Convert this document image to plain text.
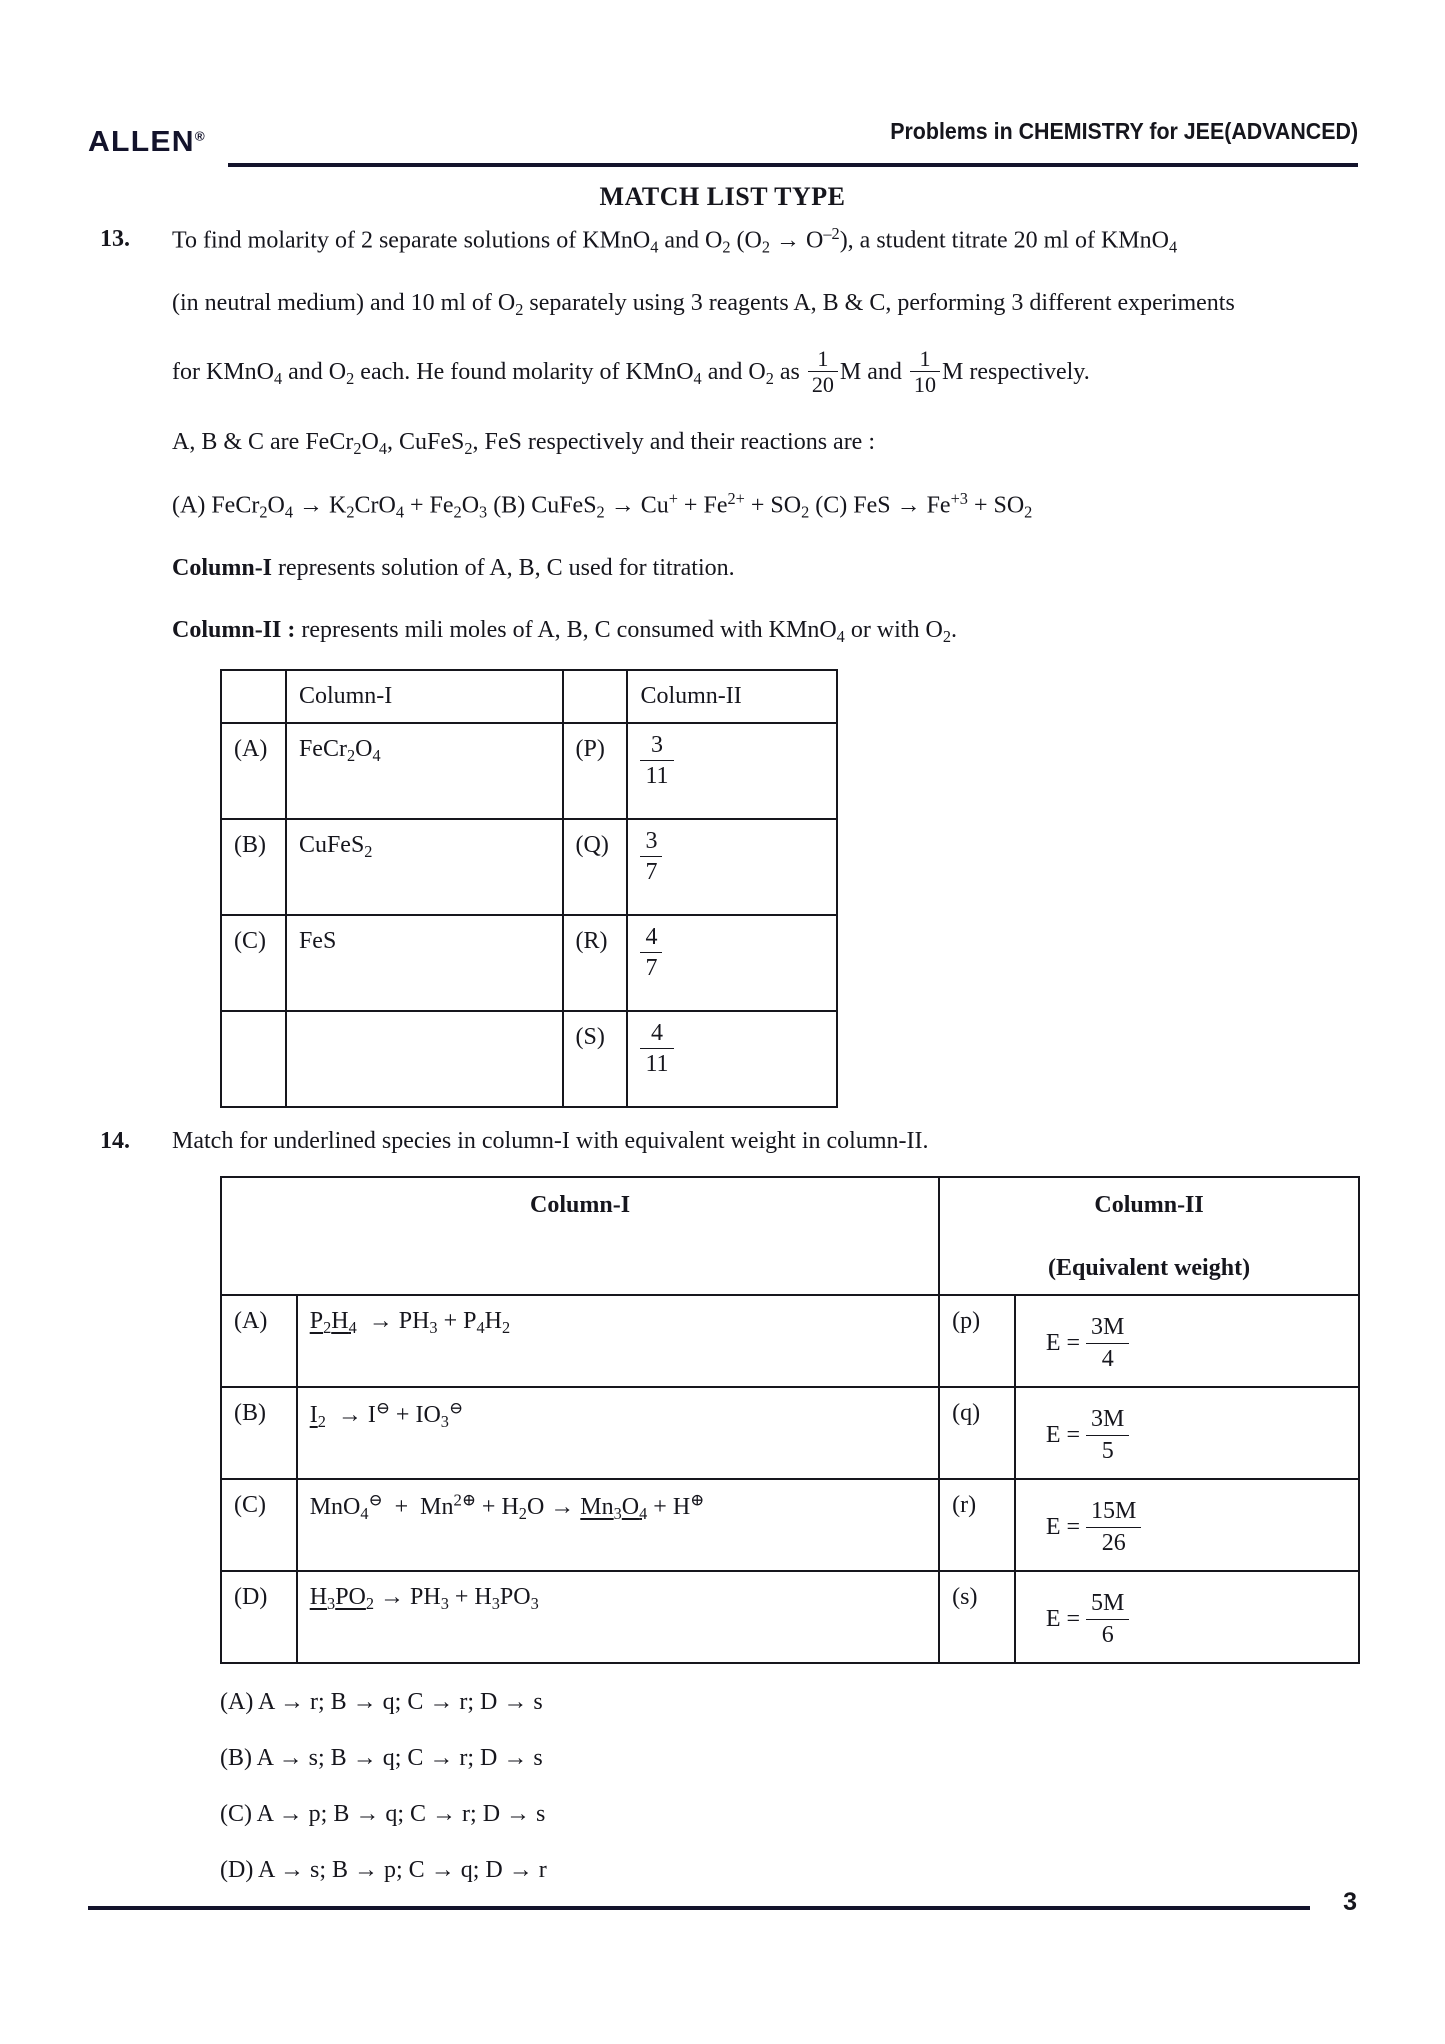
ALLEN®	Problems in CHEMISTRY for JEE(ADVANCED)
MATCH LIST TYPE
13.	To find molarity of 2 separate solutions of KMnO$_4$ and $O_2$ $(O_2 \to O^{-2})$, a student titrate 20 ml of KMnO$_4$
(in neutral medium) and 10 ml of $O_2$ separately using 3 reagents A, B & C, performing 3 different experiments
for KMnO$_4$ and $O_2$ each. He found molarity of KMnO$_4$ and $O_2$ as $\frac{1}{20}$ M and $\frac{1}{10}$ M respectively.
A, B & C are $FeCr_2O_4$, CuFeS$_2$, FeS respectively and their reactions are :
(A) $FeCr_2O_4 \to K_2CrO_4 + Fe_2O_3$ (B) CuFeS$_2$ → $Cu^+ + Fe^{2+} + SO_2$ (C) FeS → $Fe^{+3} + SO_2$
Column-I represents solution of A, B, C used for titration.
Column-II : represents mili moles of A, B, C consumed with KMnO$_4$ or with $O_2$.
	Column-I		Column-II
(A)	$FeCr_2O_4$	(P)	$\frac{3}{11}$

(B)	CuFeS$_2$	(Q)	$\frac{3}{7}$

(C)	FeS	(R)	$\frac{4}{7}$

		(S)	$\frac{4}{11}$
14.	Match for underlined species in column-I with equivalent weight in column-II.
Column-I		Column-II
(Equivalent weight)	

(A)	$P_2H_4 \to PH_3 + P_4H_2$	(p)	$E = \frac{3M}{4}$

(B)	$I_2 \to I^⊖ + IO_3^⊖$	(q)	$E = \frac{3M}{5}$

(C)	$MnO_4^⊖ + Mn^{2\oplus} + H_2O \to Mn_3O_4 + H^\oplus$	(r)	$E = \frac{15M}{26}$

(D)	$H_3PO_2 \to PH_3 + H_3PO_3$	(s)	$E = \frac{5M}{6}$
(A) A → r; B → q; C → r; D → s
(B) A → s; B → q; C → r; D → s
(C) A → p; B → q; C → r; D → s
(D) A → s; B → p; C → q; D → r
3
